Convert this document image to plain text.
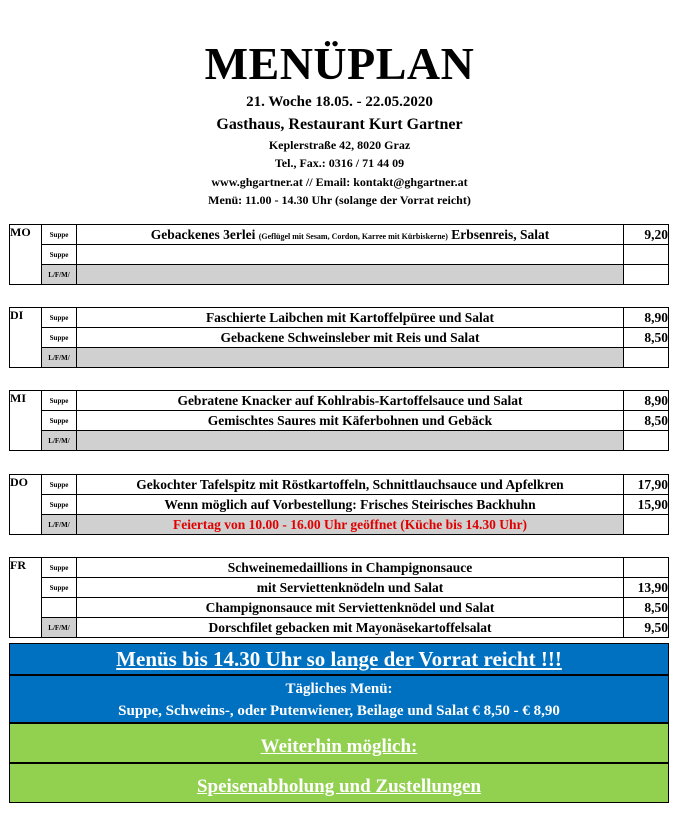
MENÜPLAN
21. Woche 18.05. - 22.05.2020
Gasthaus, Restaurant Kurt Gartner
Keplerstraße 42, 8020 Graz
Tel., Fax.: 0316 / 71 44 09
www.ghgartner.at // Email: kontakt@ghgartner.at
Menü: 11.00 - 14.30 Uhr (solange der Vorrat reicht)
MO	Suppe	Gebackenes 3erlei (Geflügel mit Sesam, Cordon, Karree mit Kürbiskerne) Erbsenreis, Salat	9,20
	Suppe		
	L/F/M/		
DI	Suppe	Faschierte Laibchen mit Kartoffelpüree und Salat	8,90
	Suppe	Gebackene Schweinsleber mit Reis und Salat	8,50
	L/F/M/		
MI	Suppe	Gebratene Knacker auf Kohlrabis-Kartoffelsauce und Salat	8,90
	Suppe	Gemischtes Saures mit Käferbohnen und Gebäck	8,50
	L/F/M/		
DO	Suppe	Gekochter Tafelspitz mit Röstkartoffeln, Schnittlauchsauce und Apfelkren	17,90
	Suppe	Wenn möglich auf Vorbestellung: Frisches Steirisches Backhuhn	15,90
	L/F/M/	Feiertag von 10.00 - 16.00 Uhr geöffnet (Küche bis 14.30 Uhr)	
FR	Suppe	Schweinemedaillions in Champignonsauce	
	Suppe	mit Serviettenknödeln und Salat	13,90
		Champignonsauce mit Serviettenknödel und Salat	8,50
	L/F/M/	Dorschfilet gebacken mit Mayonäsekartoffelsalat	9,50
Menüs bis 14.30 Uhr so lange der Vorrat reicht !!!
Tägliches Menü:
Suppe, Schweins-, oder Putenwiener, Beilage und Salat € 8,50 - € 8,90
Weiterhin möglich:
Speisenabholung und Zustellungen
